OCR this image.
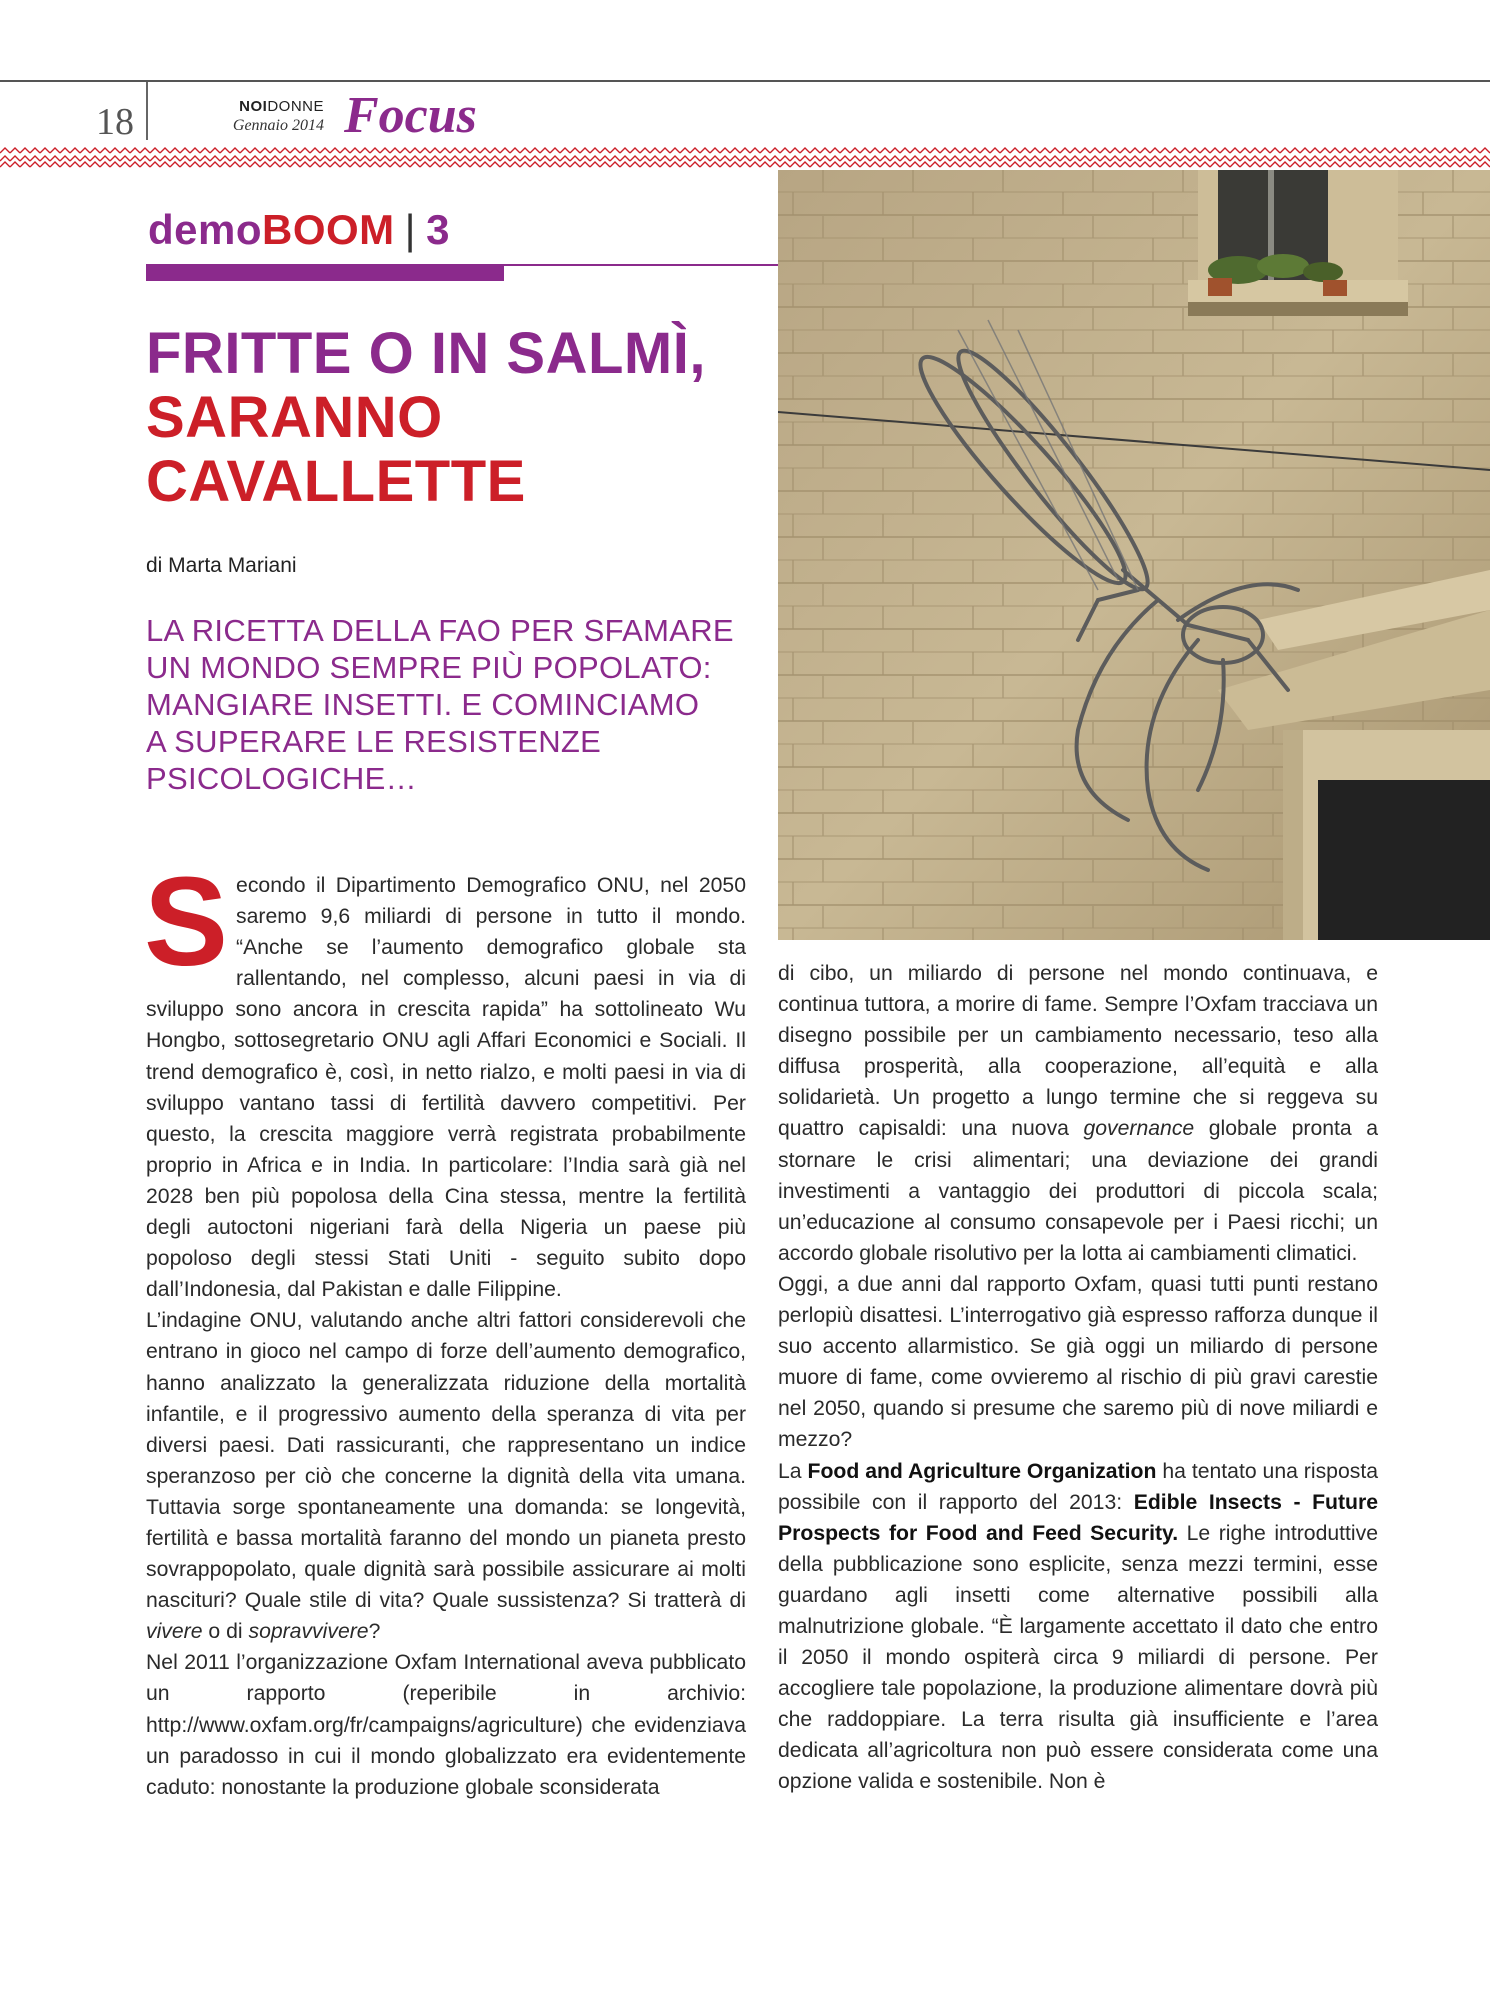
18	NOIDONNE
Gennaio 2014 Focus
demoBOOM | 3
FRITTE O IN SALMÌ,
SARANNO
CAVALLETTE
di Marta Mariani
LA RICETTA DELLA FAO PER SFAMARE
UN MONDO SEMPRE PIÙ POPOLATO:
MANGIARE INSETTI. E COMINCIAMO
A SUPERARE LE RESISTENZE
PSICOLOGICHE…

Secondo il Dipartimento Demografico ONU, nel 2050 saremo 9,6 miliardi di persone in tutto il mondo. “Anche se l’aumento demografico globale sta rallentando, nel complesso, alcuni paesi in via di sviluppo sono ancora in crescita rapida” ha sottolineato Wu Hongbo, sottosegretario ONU agli Affari Economici e Sociali. Il trend demografico è, così, in netto rialzo, e molti paesi in via di sviluppo vantano tassi di fertilità davvero competitivi. Per questo, la crescita maggiore verrà registrata probabilmente proprio in Africa e in India. In particolare: l’India sarà già nel 2028 ben più popolosa della Cina stessa, mentre la fertilità degli autoctoni nigeriani farà della Nigeria un paese più popoloso degli stessi Stati Uniti - seguito subito dopo dall’Indonesia, dal Pakistan e dalle Filippine.

L’indagine ONU, valutando anche altri fattori considerevoli che entrano in gioco nel campo di forze dell’aumento demografico, hanno analizzato la generalizzata riduzione della mortalità infantile, e il progressivo aumento della speranza di vita per diversi paesi. Dati rassicuranti, che rappresentano un indice speranzoso per ciò che concerne la dignità della vita umana. Tuttavia sorge spontaneamente una domanda: se longevità, fertilità e bassa mortalità faranno del mondo un pianeta presto sovrappopolato, quale dignità sarà possibile assicurare ai molti nascituri? Quale stile di vita? Quale sussistenza? Si tratterà di vivere o di sopravvivere?

Nel 2011 l’organizzazione Oxfam International aveva pubblicato un rapporto (reperibile in archivio: http://www.oxfam.org/fr/campaigns/agriculture) che evidenziava un paradosso in cui il mondo globalizzato era evidentemente caduto: nonostante la produzione globale sconsiderata

di cibo, un miliardo di persone nel mondo continuava, e continua tuttora, a morire di fame. Sempre l’Oxfam tracciava un disegno possibile per un cambiamento necessario, teso alla diffusa prosperità, alla cooperazione, all’equità e alla solidarietà. Un progetto a lungo termine che si reggeva su quattro capisaldi: una nuova governance globale pronta a stornare le crisi alimentari; una deviazione dei grandi investimenti a vantaggio dei produttori di piccola scala; un’educazione al consumo consapevole per i Paesi ricchi; un accordo globale risolutivo per la lotta ai cambiamenti climatici.

Oggi, a due anni dal rapporto Oxfam, quasi tutti punti restano perlopiù disattesi. L’interrogativo già espresso rafforza dunque il suo accento allarmistico. Se già oggi un miliardo di persone muore di fame, come ovvieremo al rischio di più gravi carestie nel 2050, quando si presume che saremo più di nove miliardi e mezzo?

La Food and Agriculture Organization ha tentato una risposta possibile con il rapporto del 2013: Edible Insects - Future Prospects for Food and Feed Security. Le righe introduttive della pubblicazione sono esplicite, senza mezzi termini, esse guardano agli insetti come alternative possibili alla malnutrizione globale. “È largamente accettato il dato che entro il 2050 il mondo ospiterà circa 9 miliardi di persone. Per accogliere tale popolazione, la produzione alimentare dovrà più che raddoppiare. La terra risulta già insufficiente e l’area dedicata all’agricoltura non può essere considerata come una opzione valida e sostenibile. Non è
